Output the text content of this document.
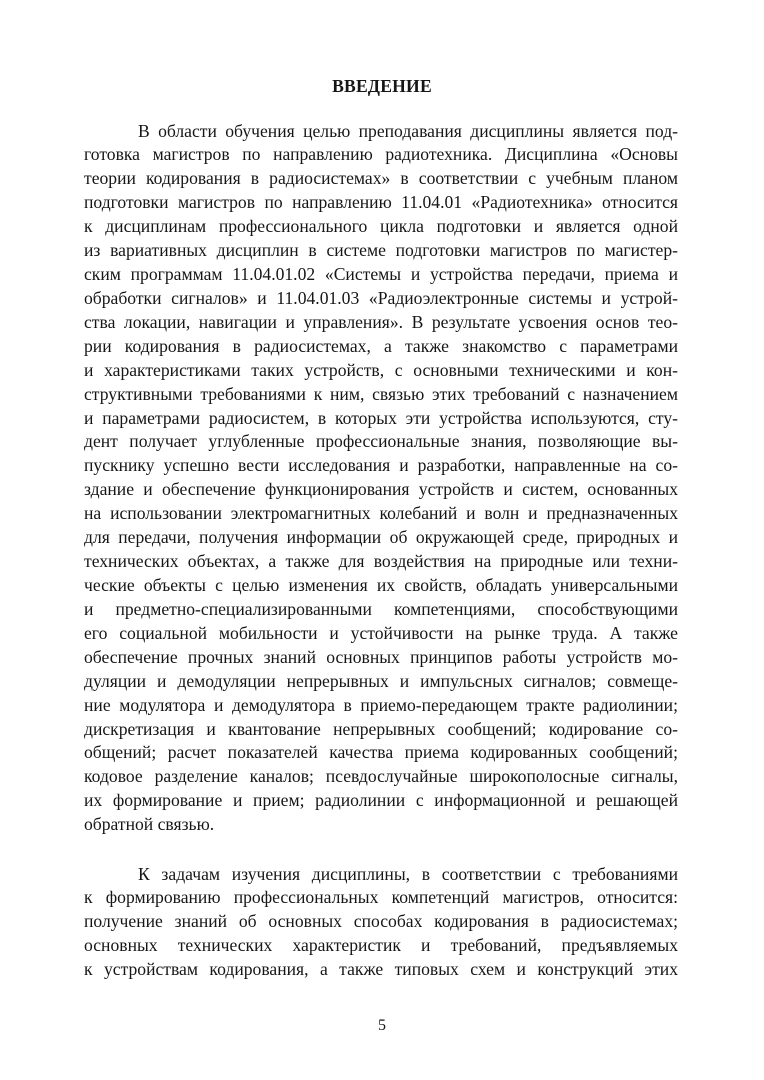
ВВЕДЕНИЕ
В области обучения целью преподавания дисциплины является под-
готовка магистров по направлению радиотехника. Дисциплина «Основы
теории кодирования в радиосистемах» в соответствии с учебным планом
подготовки магистров по направлению 11.04.01 «Радиотехника» относится
к дисциплинам профессионального цикла подготовки и является одной
из вариативных дисциплин в системе подготовки магистров по магистер-
ским программам 11.04.01.02 «Системы и устройства передачи, приема и
обработки сигналов» и 11.04.01.03 «Радиоэлектронные системы и устрой-
ства локации, навигации и управления». В результате усвоения основ тео-
рии кодирования в радиосистемах, а также знакомство с параметрами
и характеристиками таких устройств, с основными техническими и кон-
структивными требованиями к ним, связью этих требований с назначением
и параметрами радиосистем, в которых эти устройства используются, сту-
дент получает углубленные профессиональные знания, позволяющие вы-
пускнику успешно вести исследования и разработки, направленные на со-
здание и обеспечение функционирования устройств и систем, основанных
на использовании электромагнитных колебаний и волн и предназначенных
для передачи, получения информации об окружающей среде, природных и
технических объектах, а также для воздействия на природные или техни-
ческие объекты с целью изменения их свойств, обладать универсальными
и предметно-специализированными компетенциями, способствующими
его социальной мобильности и устойчивости на рынке труда. А также
обеспечение прочных знаний основных принципов работы устройств мо-
дуляции и демодуляции непрерывных и импульсных сигналов; совмеще-
ние модулятора и демодулятора в приемо-передающем тракте радиолинии;
дискретизация и квантование непрерывных сообщений; кодирование со-
общений; расчет показателей качества приема кодированных сообщений;
кодовое разделение каналов; псевдослучайные широкополосные сигналы,
их формирование и прием; радиолинии с информационной и решающей
обратной связью.
К задачам изучения дисциплины, в соответствии с требованиями
к формированию профессиональных компетенций магистров, относится:
получение знаний об основных способах кодирования в радиосистемах;
основных технических характеристик и требований, предъявляемых
к устройствам кодирования, а также типовых схем и конструкций этих
5
